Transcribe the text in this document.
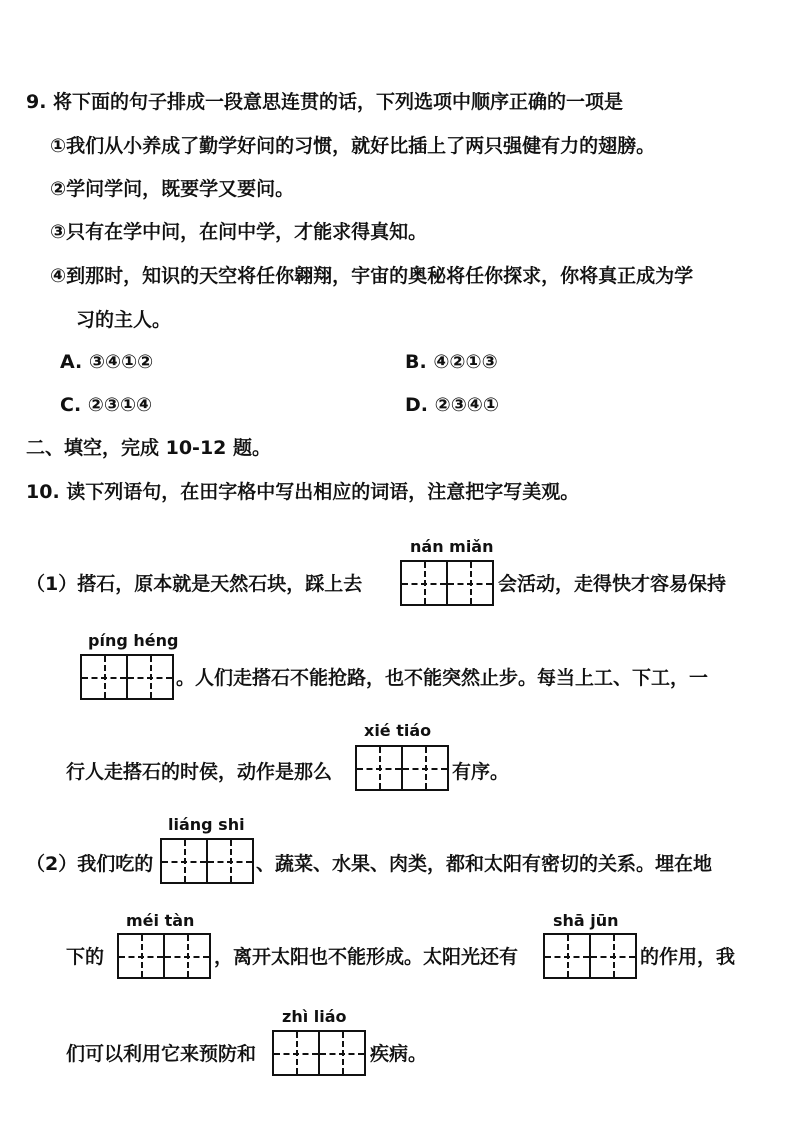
9. 将下面的句子排成一段意思连贯的话，下列选项中顺序正确的一项是
①我们从小养成了勤学好问的习惯，就好比插上了两只强健有力的翅膀。
②学问学问，既要学又要问。
③只有在学中问，在问中学，才能求得真知。
④到那时，知识的天空将任你翱翔，宇宙的奥秘将任你探求，你将真正成为学
习的主人。
A. ③④①②	B. ④②①③
C. ②③①④	D. ②③④①
二、填空，完成 10-12 题。
10. 读下列语句，在田字格中写出相应的词语，注意把字写美观。
（1）搭石，原本就是天然石块，踩上去
nán miǎn
会活动，走得快才容易保持
píng héng
。人们走搭石不能抢路，也不能突然止步。每当上工、下工，一
行人走搭石的时侯，动作是那么
xié tiáo
有序。
（2）我们吃的
liáng shi
、蔬菜、水果、肉类，都和太阳有密切的关系。埋在地
下的
méi tàn
，离开太阳也不能形成。太阳光还有
shā jūn
的作用，我
们可以利用它来预防和
zhì liáo
疾病。
